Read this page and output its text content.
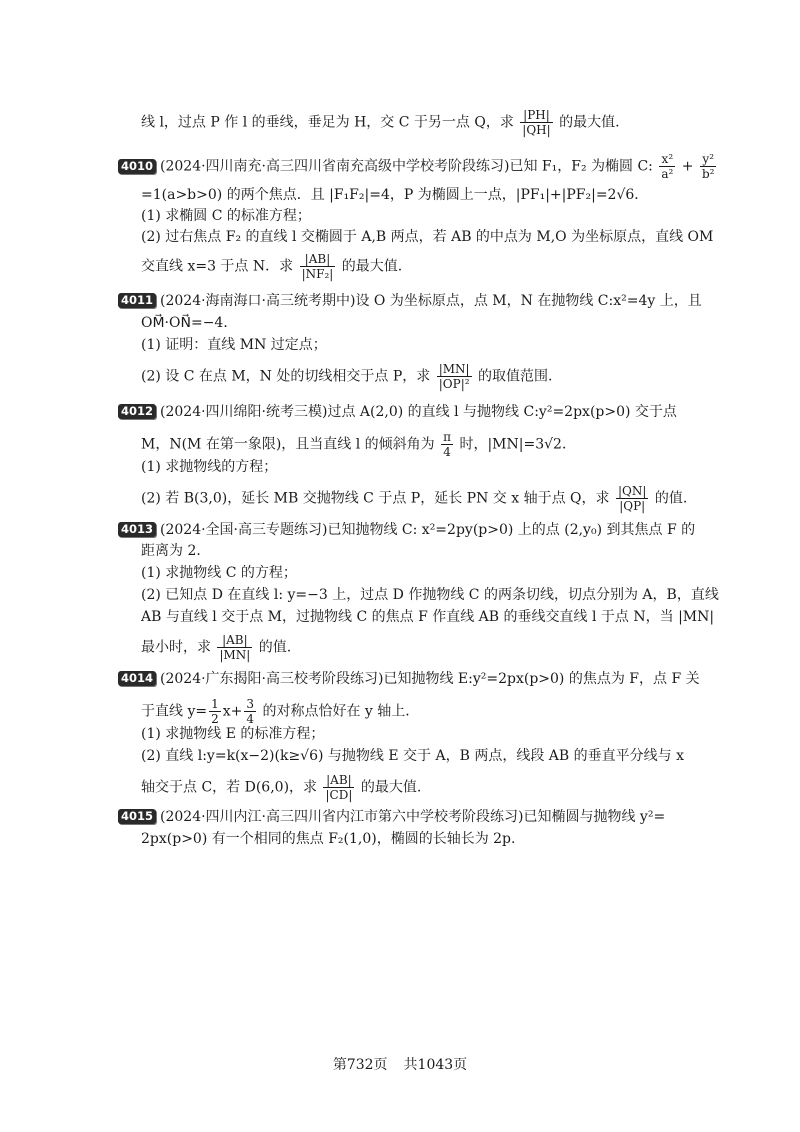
线 l，过点 P 作 l 的垂线，垂足为 H，交 C 于另一点 Q，求 $\frac{|PH|}{|QH|}$ 的最大值.
4010 (2024·四川南充·高三四川省南充高级中学校考阶段练习)已知 F₁，F₂ 为椭圆 C: $\frac{\text{x²}}{\text{a²}} + \frac{\text{y²}}{\text{b²}}$
=1(a>b>0) 的两个焦点．且 |F₁F₂|=4，P 为椭圆上一点，|PF₁|+|PF₂|=2√6．
(1) 求椭圆 C 的标准方程；
(2) 过右焦点 F₂ 的直线 l 交椭圆于 A,B 两点，若 AB 的中点为 M,O 为坐标原点，直线 OM
交直线 x=3 于点 N．求 $\frac{|AB|}{\text{|NF₂|}}$ 的最大值.
4011 (2024·海南海口·高三统考期中)设 O 为坐标原点，点 M，N 在抛物线 C:x²=4y 上，且
OM⃗·ON⃗=−4．
(1) 证明：直线 MN 过定点；
(2) 设 C 在点 M，N 处的切线相交于点 P，求 $\frac{|MN|}{\text{|OP|²}}$ 的取值范围.
4012 (2024·四川绵阳·统考三模)过点 A(2,0) 的直线 l 与抛物线 C:y²=2px(p>0) 交于点
M，N(M 在第一象限)，且当直线 l 的倾斜角为 $\frac{\pi}{4}$ 时，|MN|=3√2．
(1) 求抛物线的方程；
(2) 若 B(3,0)，延长 MB 交抛物线 C 于点 P，延长 PN 交 x 轴于点 Q，求 $\frac{|QN|}{|QP|}$ 的值.
4013 (2024·全国·高三专题练习)已知抛物线 C: x²=2py(p>0) 上的点 (2,y₀) 到其焦点 F 的
距离为 2．
(1) 求抛物线 C 的方程；
(2) 已知点 D 在直线 l: y=−3 上，过点 D 作抛物线 C 的两条切线，切点分别为 A，B，直线
AB 与直线 l 交于点 M，过抛物线 C 的焦点 F 作直线 AB 的垂线交直线 l 于点 N，当 |MN|
最小时，求 $\frac{|AB|}{|MN|}$ 的值.
4014 (2024·广东揭阳·高三校考阶段练习)已知抛物线 E:y²=2px(p>0) 的焦点为 F，点 F 关
于直线 $y= \frac{1}{2} x+ \frac{3}{4}$ 的对称点恰好在 y 轴上．
(1) 求抛物线 E 的标准方程；
(2) 直线 l:y=k(x−2)(k≥√6) 与抛物线 E 交于 A，B 两点，线段 AB 的垂直平分线与 x
轴交于点 C，若 D(6,0)，求 $\frac{|AB|}{|CD|}$ 的最大值.
4015 (2024·四川内江·高三四川省内江市第六中学校考阶段练习)已知椭圆与抛物线 y²=
2px(p>0) 有一个相同的焦点 F₂(1,0)，椭圆的长轴长为 2p.
第732页 共1043页
